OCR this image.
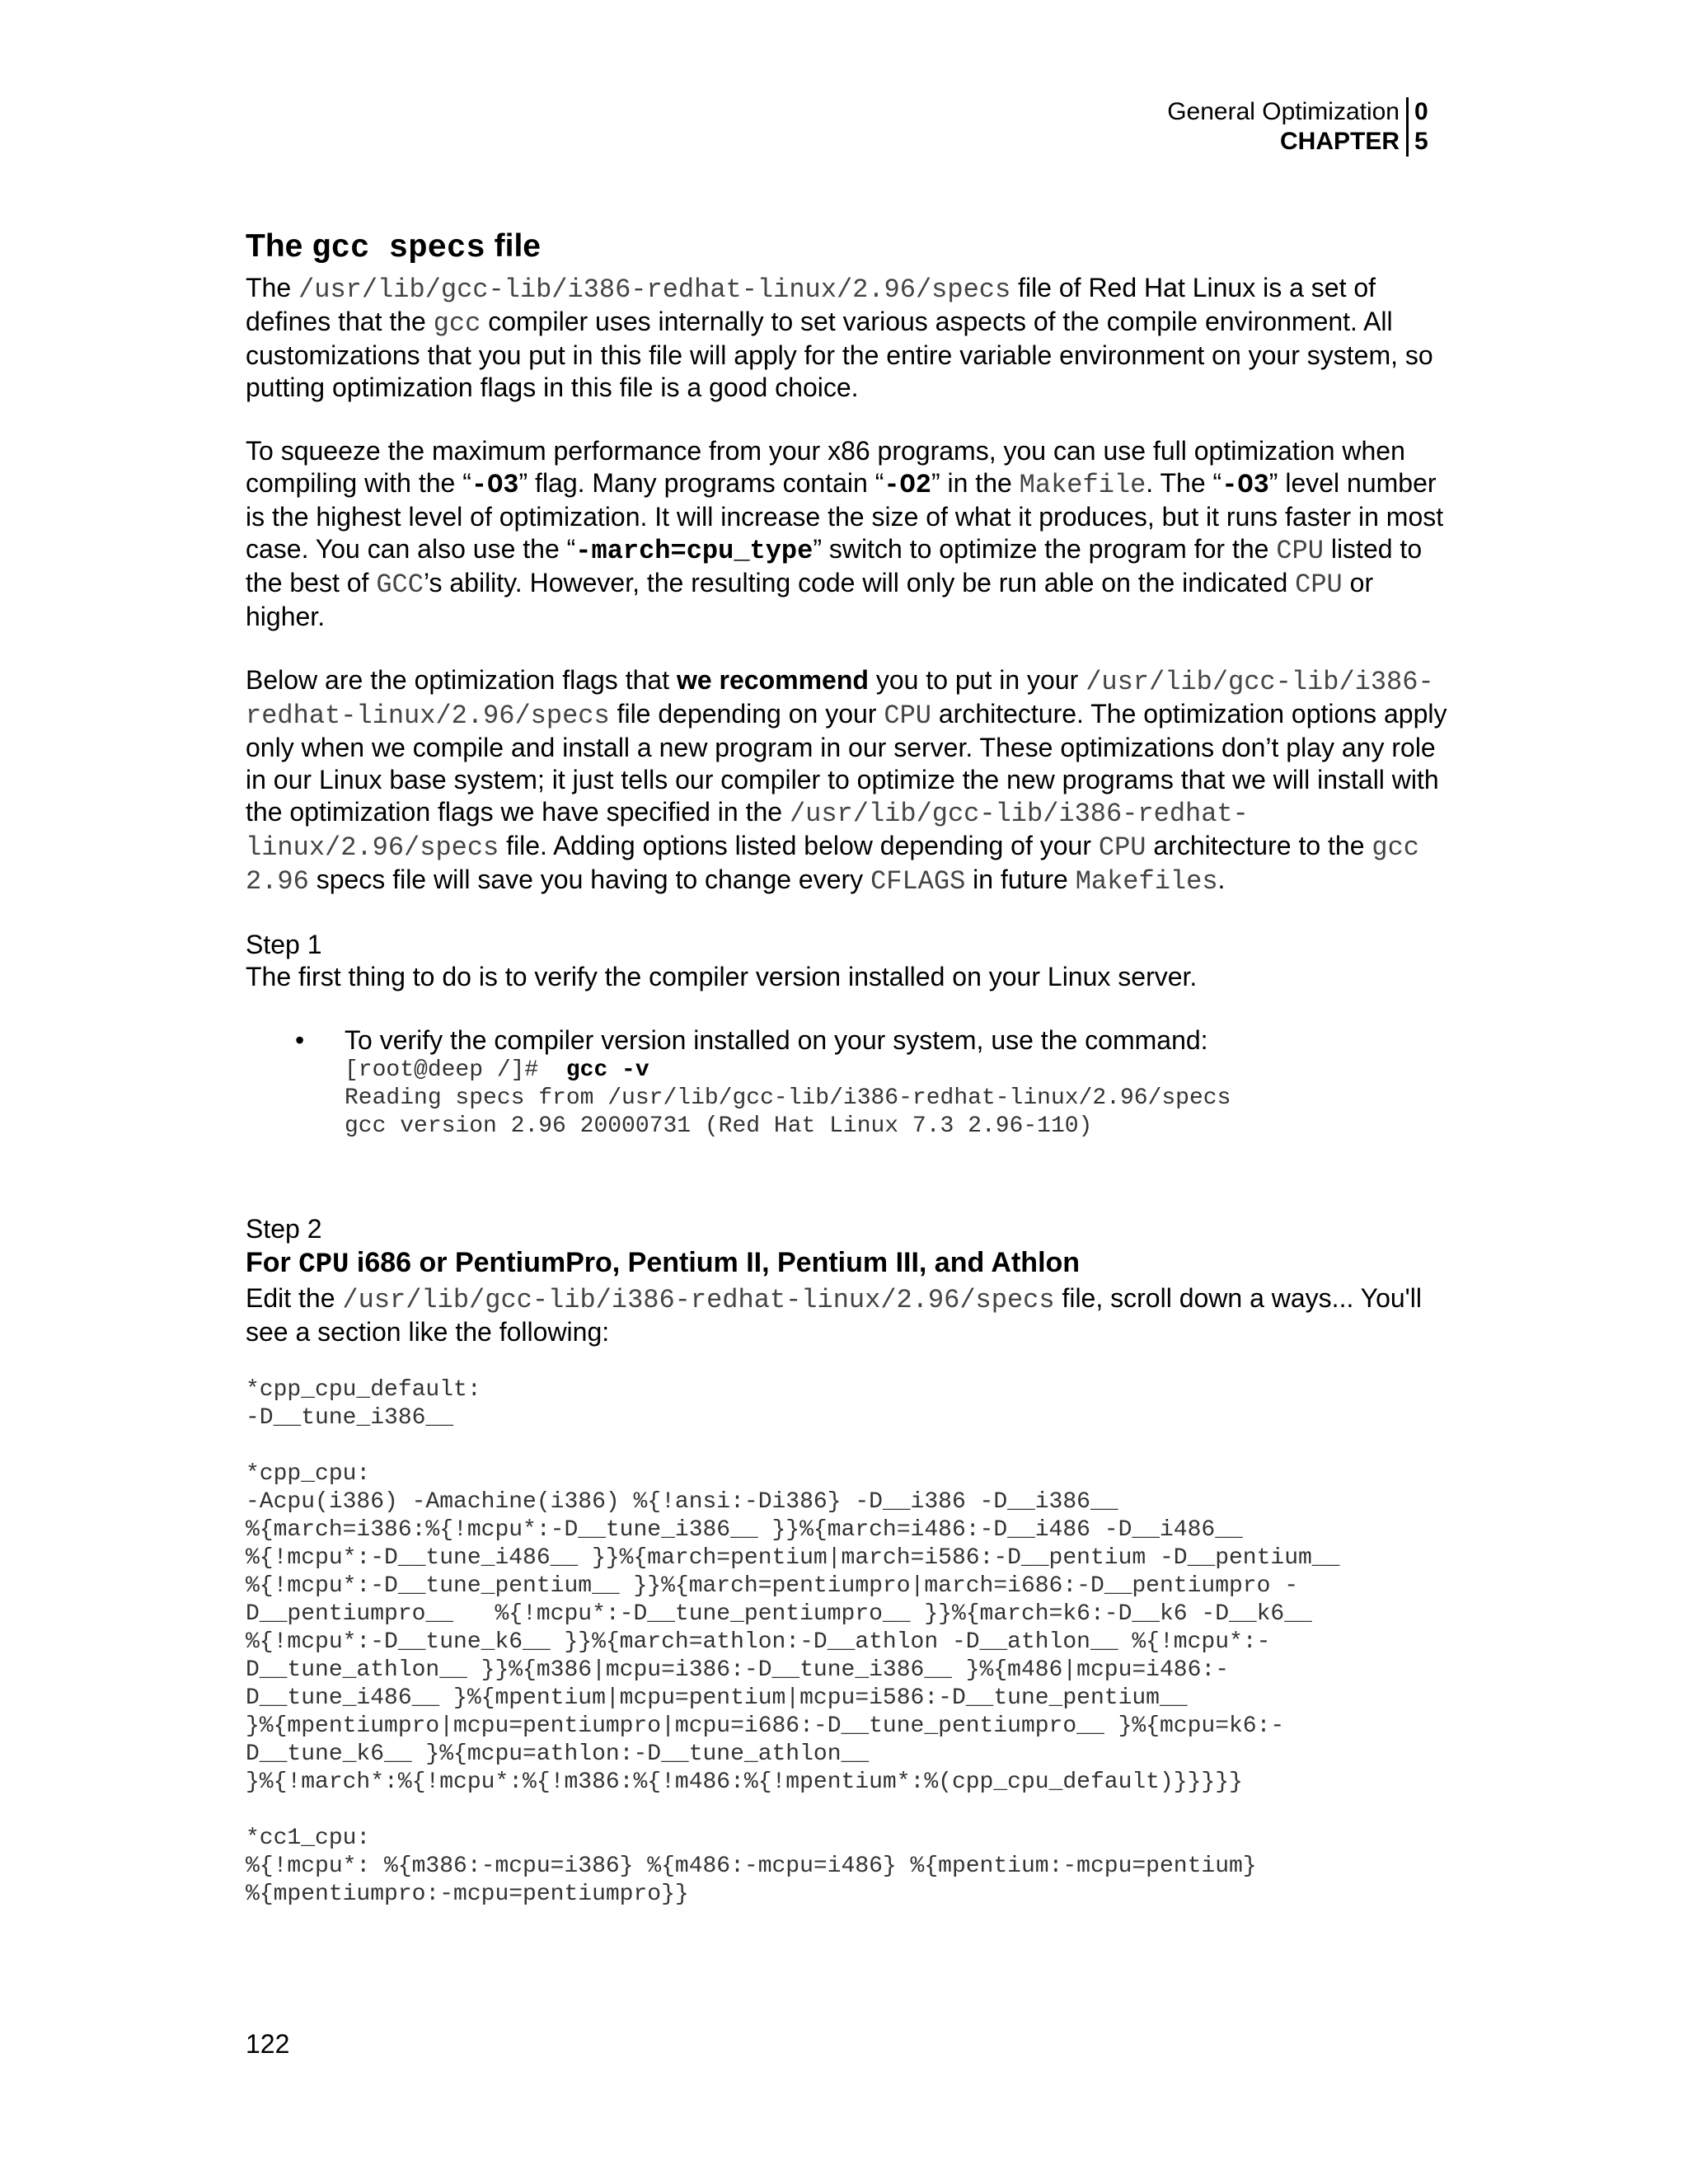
General Optimization 0
CHAPTER 5
The gcc specs file

The /usr/lib/gcc-lib/i386-redhat-linux/2.96/specs file of Red Hat Linux is a set of defines that the gcc compiler uses internally to set various aspects of the compile environment. All customizations that you put in this file will apply for the entire variable environment on your system, so putting optimization flags in this file is a good choice.

To squeeze the maximum performance from your x86 programs, you can use full optimization when compiling with the “-O3” flag. Many programs contain “-O2” in the Makefile. The “-O3” level number is the highest level of optimization. It will increase the size of what it produces, but it runs faster in most case. You can also use the “-march=cpu_type” switch to optimize the program for the CPU listed to the best of GCC’s ability. However, the resulting code will only be run able on the indicated CPU or higher.

Below are the optimization flags that we recommend you to put in your /usr/lib/gcc-lib/i386-redhat-linux/2.96/specs file depending on your CPU architecture. The optimization options apply only when we compile and install a new program in our server. These optimizations don’t play any role in our Linux base system; it just tells our compiler to optimize the new programs that we will install with the optimization flags we have specified in the /usr/lib/gcc-lib/i386-redhat-linux/2.96/specs file. Adding options listed below depending of your CPU architecture to the gcc 2.96 specs file will save you having to change every CFLAGS in future Makefiles.

Step 1

The first thing to do is to verify the compiler version installed on your Linux server.

•	To verify the compiler version installed on your system, use the command:
[root@deep /]#  gcc -v
Reading specs from /usr/lib/gcc-lib/i386-redhat-linux/2.96/specs
gcc version 2.96 20000731 (Red Hat Linux 7.3 2.96-110)

Step 2

For CPU i686 or PentiumPro, Pentium II, Pentium III, and Athlon

Edit the /usr/lib/gcc-lib/i386-redhat-linux/2.96/specs file, scroll down a ways... You'll see a section like the following:

*cpp_cpu_default:
-D__tune_i386__

*cpp_cpu:
-Acpu(i386) -Amachine(i386) %{!ansi:-Di386} -D__i386 -D__i386__
%{march=i386:%{!mcpu*:-D__tune_i386__ }}%{march=i486:-D__i486 -D__i486__
%{!mcpu*:-D__tune_i486__ }}%{march=pentium|march=i586:-D__pentium -D__pentium__
%{!mcpu*:-D__tune_pentium__ }}%{march=pentiumpro|march=i686:-D__pentiumpro -
D__pentiumpro__   %{!mcpu*:-D__tune_pentiumpro__ }}%{march=k6:-D__k6 -D__k6__
%{!mcpu*:-D__tune_k6__ }}%{march=athlon:-D__athlon -D__athlon__ %{!mcpu*:-
D__tune_athlon__ }}%{m386|mcpu=i386:-D__tune_i386__ }%{m486|mcpu=i486:-
D__tune_i486__ }%{mpentium|mcpu=pentium|mcpu=i586:-D__tune_pentium__
}%{mpentiumpro|mcpu=pentiumpro|mcpu=i686:-D__tune_pentiumpro__ }%{mcpu=k6:-
D__tune_k6__ }%{mcpu=athlon:-D__tune_athlon__
}%{!march*:%{!mcpu*:%{!m386:%{!m486:%{!mpentium*:%(cpp_cpu_default)}}}}}

*cc1_cpu:
%{!mcpu*: %{m386:-mcpu=i386} %{m486:-mcpu=i486} %{mpentium:-mcpu=pentium}
%{mpentiumpro:-mcpu=pentiumpro}}
122
